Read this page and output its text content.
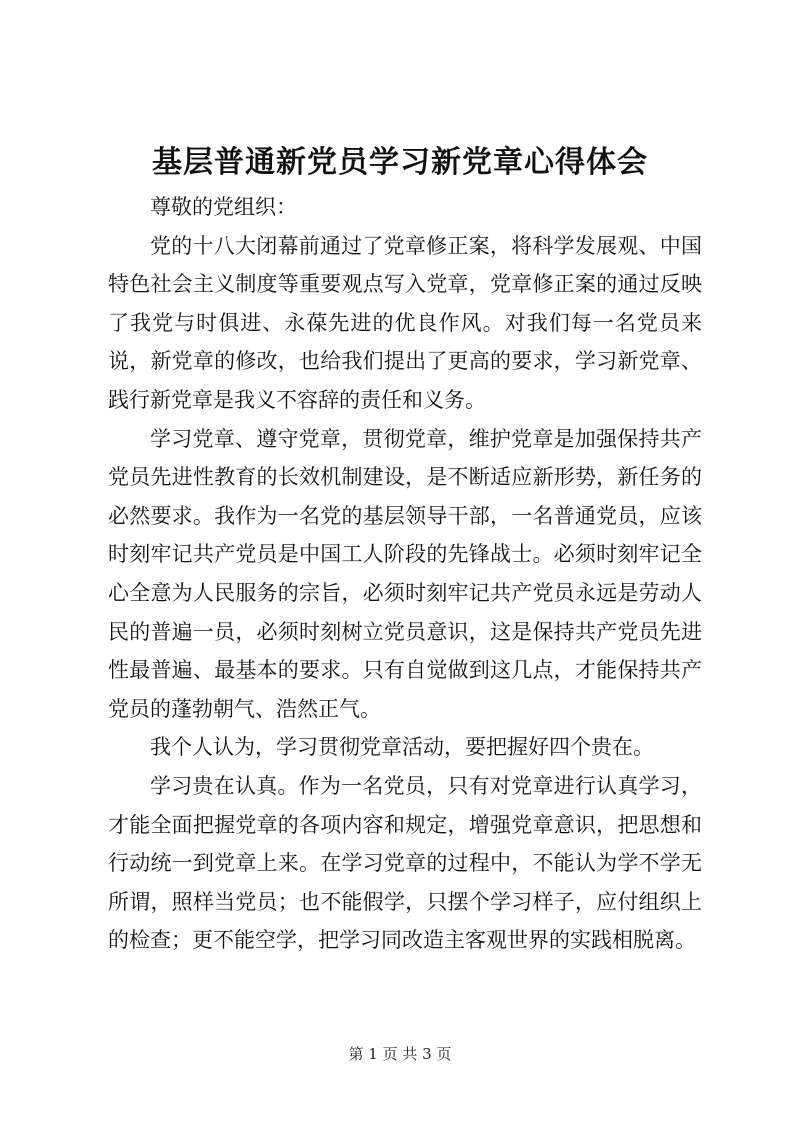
基层普通新党员学习新党章心得体会

尊敬的党组织：

党的十八大闭幕前通过了党章修正案，将科学发展观、中国特色社会主义制度等重要观点写入党章，党章修正案的通过反映了我党与时俱进、永葆先进的优良作风。对我们每一名党员来说，新党章的修改，也给我们提出了更高的要求，学习新党章、践行新党章是我义不容辞的责任和义务。

学习党章、遵守党章，贯彻党章，维护党章是加强保持共产党员先进性教育的长效机制建设，是不断适应新形势，新任务的必然要求。我作为一名党的基层领导干部，一名普通党员，应该时刻牢记共产党员是中国工人阶段的先锋战士。必须时刻牢记全心全意为人民服务的宗旨，必须时刻牢记共产党员永远是劳动人民的普遍一员，必须时刻树立党员意识，这是保持共产党员先进性最普遍、最基本的要求。只有自觉做到这几点，才能保持共产党员的蓬勃朝气、浩然正气。

我个人认为，学习贯彻党章活动，要把握好四个贵在。

学习贵在认真。作为一名党员，只有对党章进行认真学习，才能全面把握党章的各项内容和规定，增强党章意识，把思想和行动统一到党章上来。在学习党章的过程中，不能认为学不学无所谓，照样当党员；也不能假学，只摆个学习样子，应付组织上的检查；更不能空学，把学习同改造主客观世界的实践相脱离。

第 1 页 共 3 页
